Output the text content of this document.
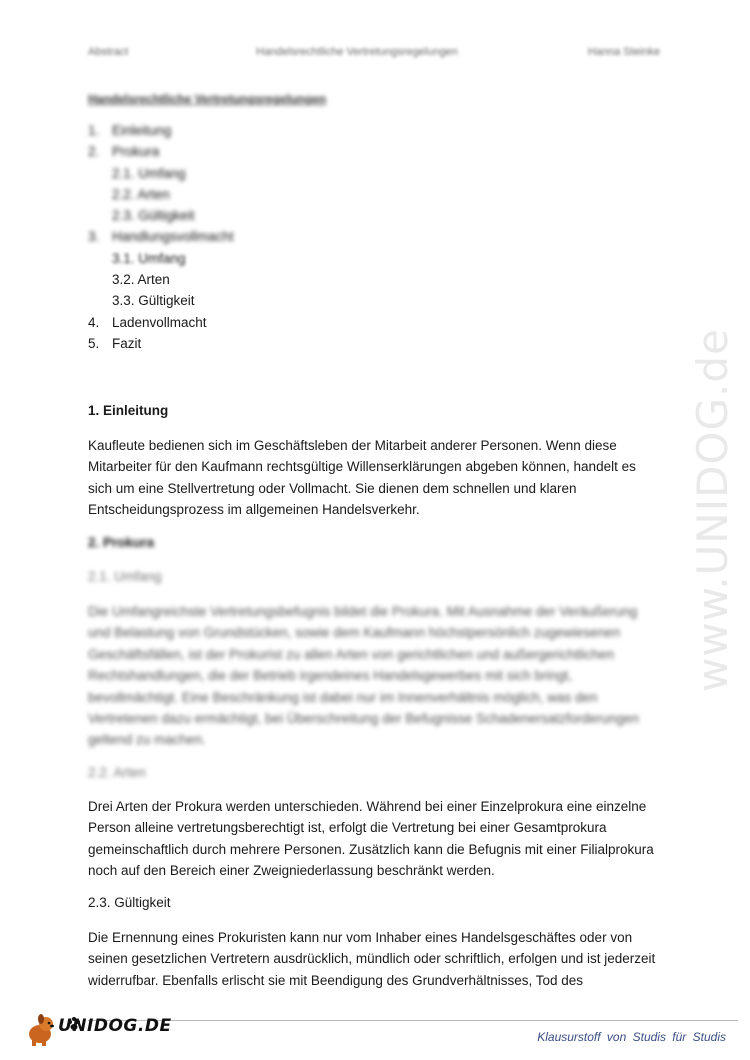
Abstract	Handelsrechtliche Vertretungsregelungen	Hanna Steinke
Handelsrechtliche Vertretungsregelungen
1. Einleitung
2. Prokura
2.1. Umfang
2.2. Arten
2.3. Gültigkeit
3. Handlungsvollmacht
3.1. Umfang
3.2. Arten
3.3. Gültigkeit
4. Ladenvollmacht
5. Fazit
1. Einleitung
Kaufleute bedienen sich im Geschäftsleben der Mitarbeit anderer Personen. Wenn diese Mitarbeiter für den Kaufmann rechtsgültige Willenserklärungen abgeben können, handelt es sich um eine Stellvertretung oder Vollmacht. Sie dienen dem schnellen und klaren Entscheidungsprozess im allgemeinen Handelsverkehr.
2. Prokura
2.1. Umfang
Die Umfangreichste Vertretungsbefugnis bildet die Prokura. Mit Ausnahme der Veräußerung und Belastung von Grundstücken, sowie dem Kaufmann höchstpersönlich zugewiesenen Geschäftsfällen, ist der Prokurist zu allen Arten von gerichtlichen und außergerichtlichen Rechtshandlungen, die der Betrieb irgendeines Handelsgewerbes mit sich bringt, bevollmächtigt. Eine Beschränkung ist dabei nur im Innenverhältnis möglich, was den Vertretenen dazu ermächtigt, bei Überschreitung der Befugnisse Schadenersatzforderungen geltend zu machen.
2.2. Arten
Drei Arten der Prokura werden unterschieden. Während bei einer Einzelprokura eine einzelne Person alleine vertretungsberechtigt ist, erfolgt die Vertretung bei einer Gesamtprokura gemeinschaftlich durch mehrere Personen. Zusätzlich kann die Befugnis mit einer Filialprokura noch auf den Bereich einer Zweigniederlassung beschränkt werden.
2.3. Gültigkeit
Die Ernennung eines Prokuristen kann nur vom Inhaber eines Handelsgeschäftes oder von seinen gesetzlichen Vertretern ausdrücklich, mündlich oder schriftlich, erfolgen und ist jederzeit widerrufbar. Ebenfalls erlischt sie mit Beendigung des Grundverhältnisses, Tod des
www.UNIDOG.de
UNIDOG.DE
Klausurstoff von Studis für Studis
